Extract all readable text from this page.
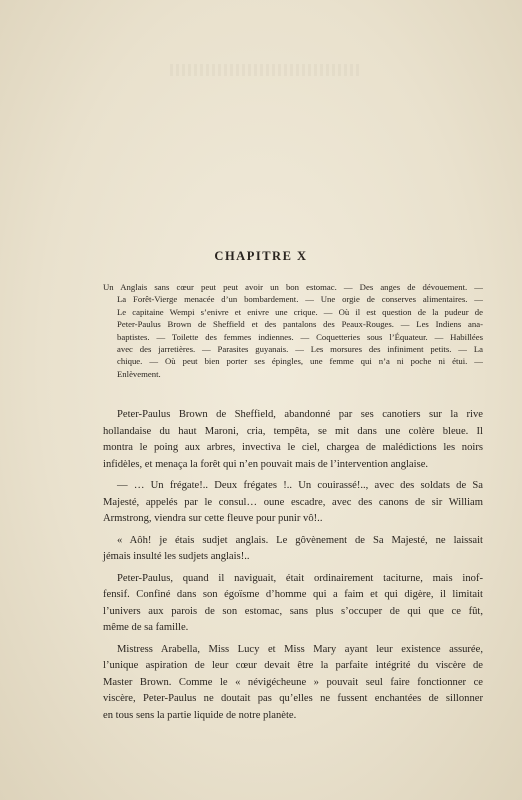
CHAPITRE X
Un Anglais sans cœur peut peut avoir un bon estomac. — Des anges de dévouement. —
La Forêt-Vierge menacée d’un bombardement. — Une orgie de conserves alimentaires. —
Le capitaine Wempi s’enivre et enivre une crique. — Où il est question de la pudeur de
Peter-Paulus Brown de Sheffield et des pantalons des Peaux-Rouges. — Les Indiens ana-
baptistes. — Toilette des femmes indiennes. — Coquetteries sous l’Équateur. — Habillées
avec des jarretières. — Parasites guyanais. — Les morsures des infiniment petits. — La
chique. — Où peut bien porter ses épingles, une femme qui n’a ni poche ni étui. —
Enlèvement.
Peter-Paulus Brown de Sheffield, abandonné par ses canotiers sur la rive
hollandaise du haut Maroni, cria, tempêta, se mit dans une colère bleue. Il
montra le poing aux arbres, invectiva le ciel, chargea de malédictions les noirs
infidèles, et menaça la forêt qui n’en pouvait mais de l’intervention anglaise.
— … Un frégate!.. Deux frégates !.. Un couirassé!.., avec des soldats de Sa
Majesté, appelés par le consul… oune escadre, avec des canons de sir William
Armstrong, viendra sur cette fleuve pour punir vô!..
« Aôh! je étais sudjet anglais. Le gôvènement de Sa Majesté, ne laissait
jémais insulté les sudjets anglais!..
Peter-Paulus, quand il naviguait, était ordinairement taciturne, mais inof-
fensif. Confiné dans son égoïsme d’homme qui a faim et qui digère, il limitait
l’univers aux parois de son estomac, sans plus s’occuper de qui que ce fût,
même de sa famille.
Mistress Arabella, Miss Lucy et Miss Mary ayant leur existence assurée,
l’unique aspiration de leur cœur devait être la parfaite intégrité du viscère de
Master Brown. Comme le « névigécheune » pouvait seul faire fonctionner ce
viscère, Peter-Paulus ne doutait pas qu’elles ne fussent enchantées de sillonner
en tous sens la partie liquide de notre planète.
